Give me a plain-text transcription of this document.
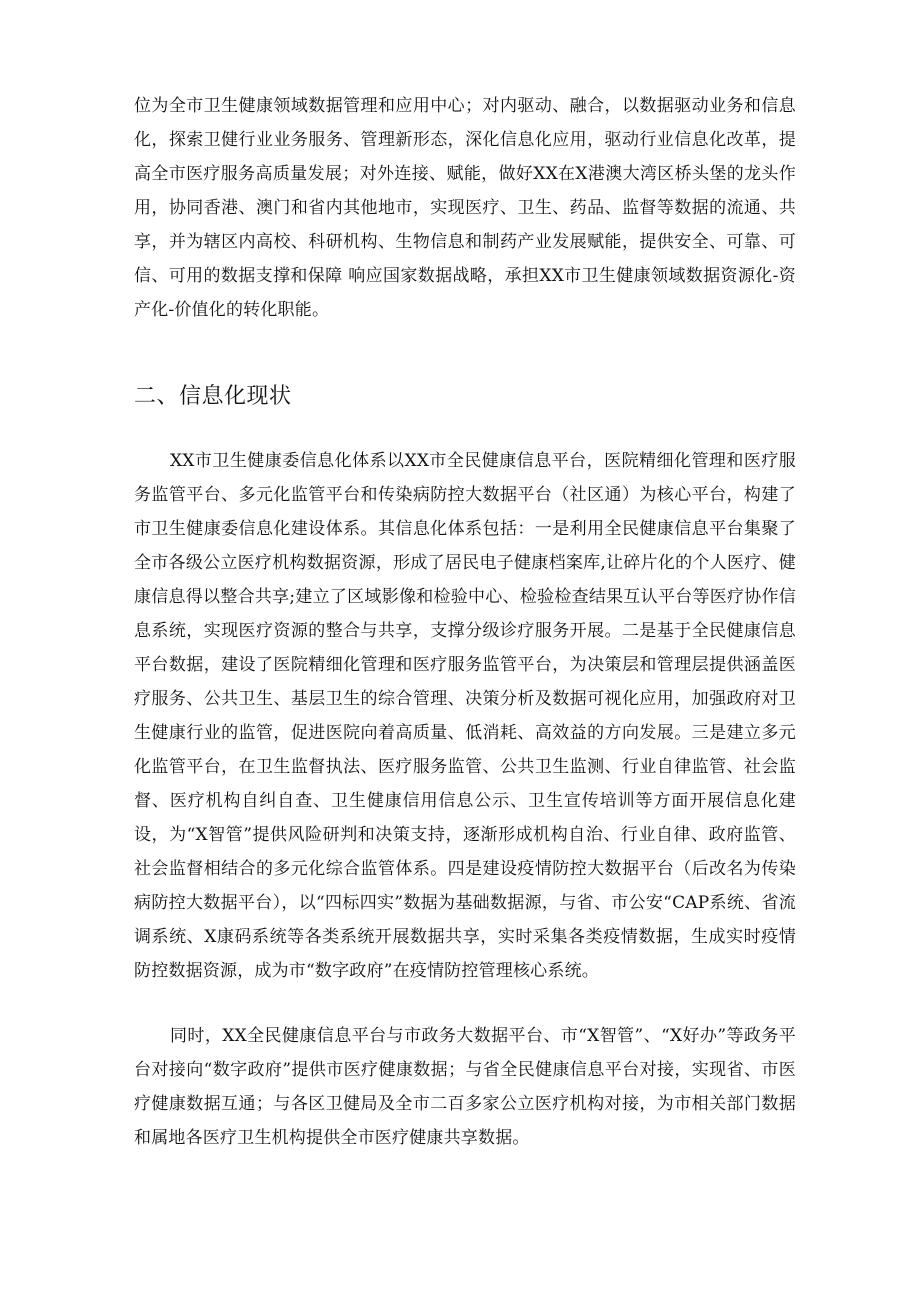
位为全市卫生健康领域数据管理和应用中心；对内驱动、融合，以数据驱动业务和信息化，探索卫健行业业务服务、管理新形态，深化信息化应用，驱动行业信息化改革，提高全市医疗服务高质量发展；对外连接、赋能，做好XX在X港澳大湾区桥头堡的龙头作用，协同香港、澳门和省内其他地市，实现医疗、卫生、药品、监督等数据的流通、共享，并为辖区内高校、科研机构、生物信息和制药产业发展赋能，提供安全、可靠、可信、可用的数据支撑和保障 响应国家数据战略，承担XX市卫生健康领域数据资源化-资产化-价值化的转化职能。

二、信息化现状

XX市卫生健康委信息化体系以XX市全民健康信息平台，医院精细化管理和医疗服务监管平台、多元化监管平台和传染病防控大数据平台（社区通）为核心平台，构建了市卫生健康委信息化建设体系。其信息化体系包括：一是利用全民健康信息平台集聚了全市各级公立医疗机构数据资源，形成了居民电子健康档案库,让碎片化的个人医疗、健康信息得以整合共享;建立了区域影像和检验中心、检验检查结果互认平台等医疗协作信息系统，实现医疗资源的整合与共享，支撑分级诊疗服务开展。二是基于全民健康信息平台数据，建设了医院精细化管理和医疗服务监管平台，为决策层和管理层提供涵盖医疗服务、公共卫生、基层卫生的综合管理、决策分析及数据可视化应用，加强政府对卫生健康行业的监管，促进医院向着高质量、低消耗、高效益的方向发展。三是建立多元化监管平台，在卫生监督执法、医疗服务监管、公共卫生监测、行业自律监管、社会监督、医疗机构自纠自查、卫生健康信用信息公示、卫生宣传培训等方面开展信息化建设，为“X智管”提供风险研判和决策支持，逐渐形成机构自治、行业自律、政府监管、社会监督相结合的多元化综合监管体系。四是建设疫情防控大数据平台（后改名为传染病防控大数据平台），以“四标四实”数据为基础数据源，与省、市公安“CAP系统、省流调系统、X康码系统等各类系统开展数据共享，实时采集各类疫情数据，生成实时疫情防控数据资源，成为市“数字政府”在疫情防控管理核心系统。

同时，XX全民健康信息平台与市政务大数据平台、市“X智管”、“X好办”等政务平台对接向“数字政府”提供市医疗健康数据；与省全民健康信息平台对接，实现省、市医疗健康数据互通；与各区卫健局及全市二百多家公立医疗机构对接，为市相关部门数据和属地各医疗卫生机构提供全市医疗健康共享数据。
